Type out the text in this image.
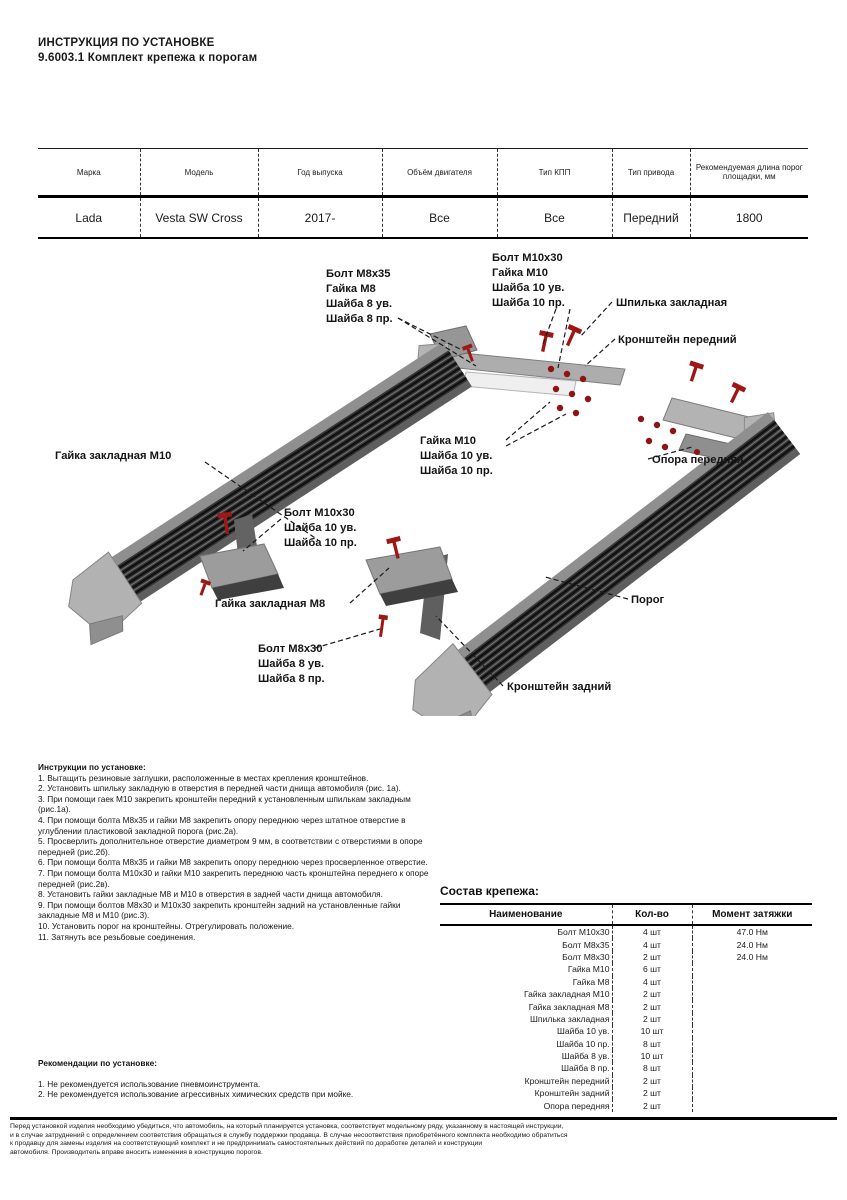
ИНСТРУКЦИЯ ПО УСТАНОВКЕ
9.6003.1 Комплект крепежа к порогам
Марка	Модель	Год выпуска	Объём двигателя	Тип КПП	Тип привода	Рекомендуемая длина порог площадки, мм
Lada	Vesta SW Cross	2017-	Все	Все	Передний	1800
Болт М8х35
Гайка М8
Шайба 8 ув.
Шайба 8 пр.
Болт М10х30
Гайка М10
Шайба 10 ув.
Шайба 10 пр.	Шпилька закладная
Кронштейн передний
Гайка М10
Шайба 10 ув.
Шайба 10 пр.
Опора передняя.
Гайка закладная М10
Болт М10х30
Шайба 10 ув.
Шайба 10 пр.
Гайка закладная М8	Порог
Болт М8х30
Шайба 8 ув.
Шайба 8 пр.
Кронштейн задний

Инструкции по установке:

1. Вытащить резиновые заглушки, расположенные в местах крепления кронштейнов.

2. Установить шпильку закладную в отверстия в передней части днища автомобиля (рис. 1а).

3. При помощи гаек М10 закрепить кронштейн передний к установленным шпилькам закладным (рис.1а).

4. При помощи болта М8х35 и гайки М8 закрепить опору переднюю через штатное отверстие в углублении пластиковой закладной порога (рис.2а).

5. Просверлить дополнительное отверстие диаметром 9 мм, в соответствии с отверстиями в опоре передней (рис.2б).

6. При помощи болта М8х35 и гайки М8 закрепить опору переднюю через просверленное отверстие.

7. При помощи болта М10х30 и гайки М10 закрепить переднюю часть кронштейна переднего к опоре передней (рис.2в).

8. Установить гайки закладные М8 и М10 в отверстия в задней части днища автомобиля.

9. При помощи болтов М8х30 и М10х30 закрепить кронштейн задний на установленные гайки закладные М8 и М10 (рис.3).

10. Установить порог на кронштейны. Отрегулировать положение.

11. Затянуть все резьбовые соединения.

Рекомендации по установке:

1. Не рекомендуется использование пневмоинструмента.

2. Не рекомендуется использование агрессивных химических средств при мойке.

Состав крепежа:

Наименование	Кол-во	Момент затяжки
Болт М10х30	4 шт	47.0 Нм
Болт М8х35	4 шт	24.0 Нм
Болт М8х30	2 шт	24.0 Нм
Гайка М10	6 шт	
Гайка М8	4 шт	
Гайка закладная М10	2 шт	
Гайка закладная М8	2 шт	
Шпилька закладная	2 шт	
Шайба 10 ув.	10 шт	
Шайба 10 пр.	8 шт	
Шайба 8 ув.	10 шт	
Шайба 8 пр.	8 шт	
Кронштейн передний	2 шт	
Кронштейн задний	2 шт	
Опора передняя	2 шт	
Перед установкой изделия необходимо убедиться, что автомобиль, на который планируется установка, соответствует модельному ряду, указанному в настоящей инструкции,
и в случае затруднений с определением соответствия обращаться в службу поддержки продавца. В случае несоответствия приобретённого комплекта необходимо обратиться
к продавцу для замены изделия на соответствующий комплект и не предпринимать самостоятельных действий по доработке деталей и конструкции
автомобиля. Производитель вправе вносить изменения в конструкцию порогов.
